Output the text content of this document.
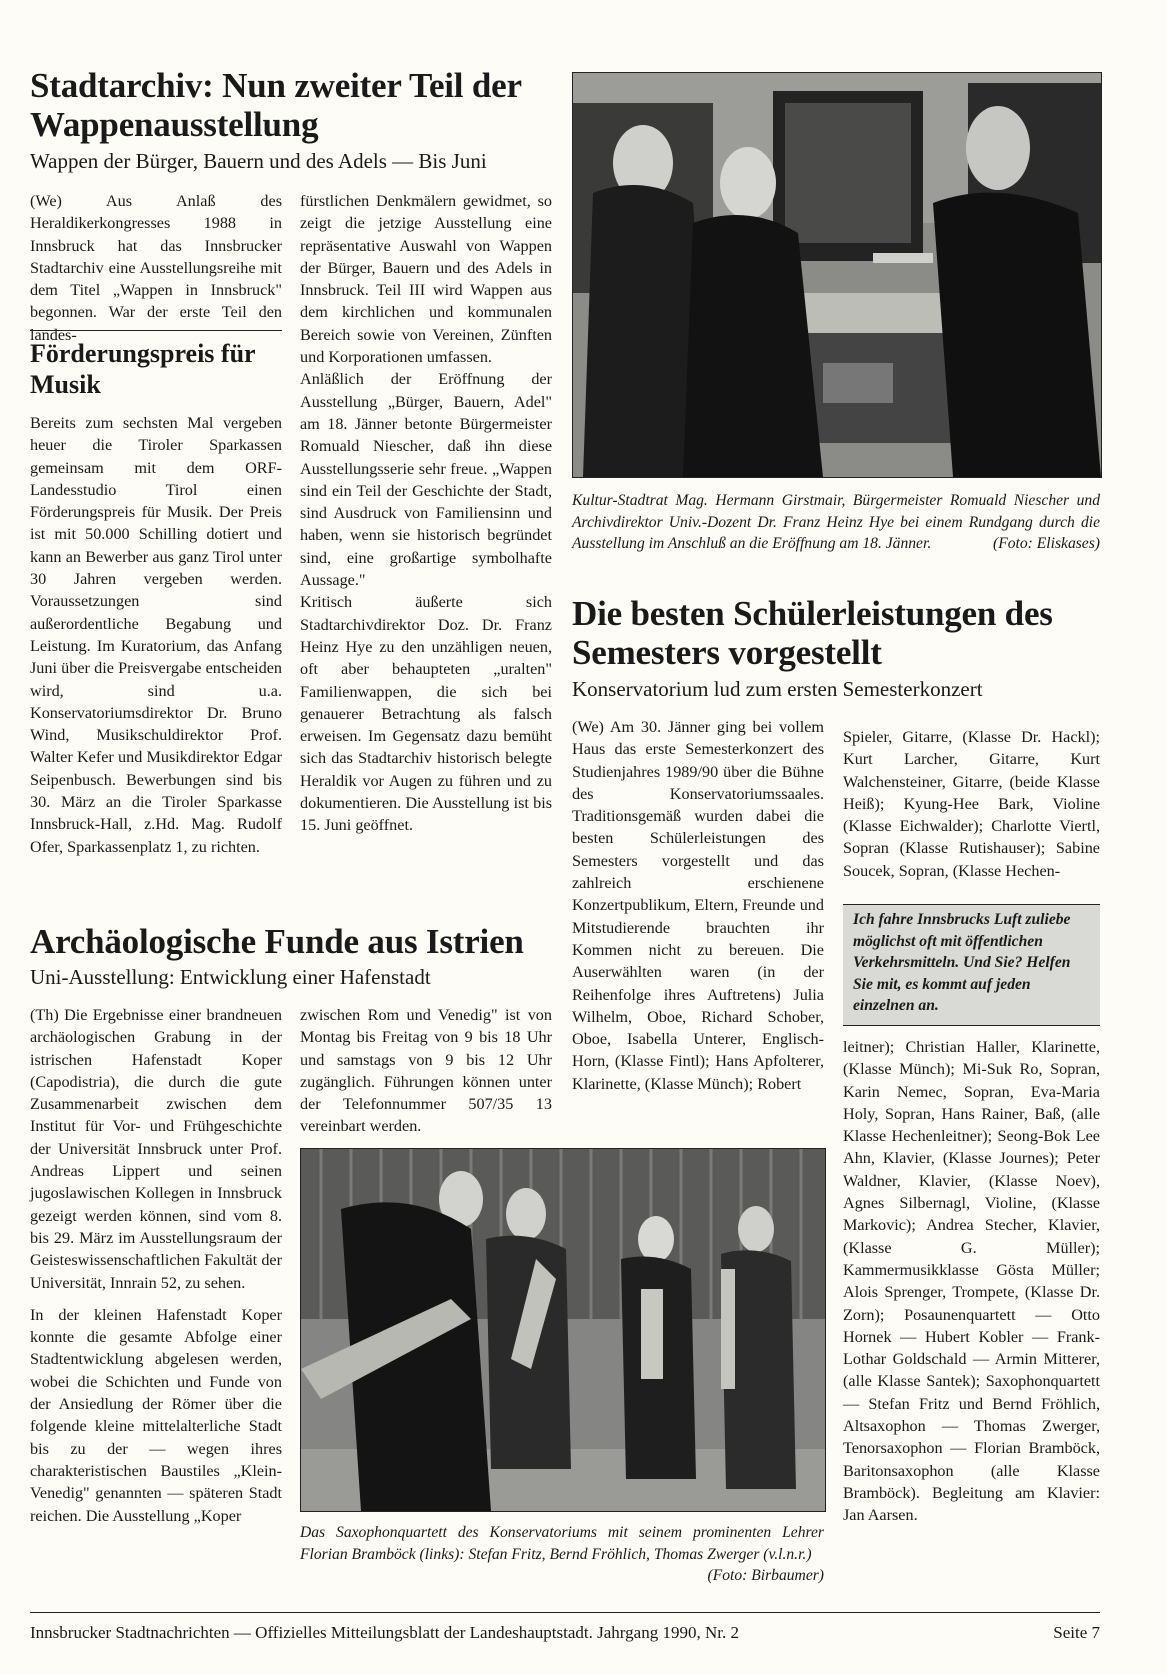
Stadtarchiv: Nun zweiter Teil der Wappenausstellung
Wappen der Bürger, Bauern und des Adels — Bis Juni

(We) Aus Anlaß des Heraldikerkongresses 1988 in Innsbruck hat das Innsbrucker Stadtarchiv eine Ausstellungsreihe mit dem Titel „Wappen in Innsbruck" begonnen. War der erste Teil den landes-

fürstlichen Denkmälern gewidmet, so zeigt die jetzige Ausstellung eine repräsentative Auswahl von Wappen der Bürger, Bauern und des Adels in Innsbruck. Teil III wird Wappen aus dem kirchlichen und kommunalen Bereich sowie von Vereinen, Zünften und Korporationen umfassen.

Anläßlich der Eröffnung der Ausstellung „Bürger, Bauern, Adel" am 18. Jänner betonte Bürgermeister Romuald Niescher, daß ihn diese Ausstellungsserie sehr freue. „Wappen sind ein Teil der Geschichte der Stadt, sind Ausdruck von Familiensinn und haben, wenn sie historisch begründet sind, eine großartige symbolhafte Aussage."

Kritisch äußerte sich Stadtarchivdirektor Doz. Dr. Franz Heinz Hye zu den unzähligen neuen, oft aber behaupteten „uralten" Familienwappen, die sich bei genauerer Betrachtung als falsch erweisen. Im Gegensatz dazu bemüht sich das Stadtarchiv historisch belegte Heraldik vor Augen zu führen und zu dokumentieren. Die Ausstellung ist bis 15. Juni geöffnet.

Förderungspreis für Musik

Bereits zum sechsten Mal vergeben heuer die Tiroler Sparkassen gemeinsam mit dem ORF-Landesstudio Tirol einen Förderungspreis für Musik. Der Preis ist mit 50.000 Schilling dotiert und kann an Bewerber aus ganz Tirol unter 30 Jahren vergeben werden. Voraussetzungen sind außerordentliche Begabung und Leistung. Im Kuratorium, das Anfang Juni über die Preisvergabe entscheiden wird, sind u.a. Konservatoriumsdirektor Dr. Bruno Wind, Musikschuldirektor Prof. Walter Kefer und Musikdirektor Edgar Seipenbusch. Bewerbungen sind bis 30. März an die Tiroler Sparkasse Innsbruck-Hall, z.Hd. Mag. Rudolf Ofer, Sparkassenplatz 1, zu richten.

Kultur-Stadtrat Mag. Hermann Girstmair, Bürgermeister Romuald Niescher und Archivdirektor Univ.-Dozent Dr. Franz Heinz Hye bei einem Rundgang durch die Ausstellung im Anschluß an die Eröffnung am 18. Jänner.	(Foto: Eliskases)

Die besten Schülerleistungen des Semesters vorgestellt
Konservatorium lud zum ersten Semesterkonzert

(We) Am 30. Jänner ging bei vollem Haus das erste Semesterkonzert des Studienjahres 1989/90 über die Bühne des Konservatoriumssaales. Traditionsgemäß wurden dabei die besten Schülerleistungen des Semesters vorgestellt und das zahlreich erschienene Konzertpublikum, Eltern, Freunde und Mitstudierende brauchten ihr Kommen nicht zu bereuen. Die Auserwählten waren (in der Reihenfolge ihres Auftretens) Julia Wilhelm, Oboe, Richard Schober, Oboe, Isabella Unterer, Englisch-Horn, (Klasse Fintl); Hans Apfolterer, Klarinette, (Klasse Münch); Robert

Spieler, Gitarre, (Klasse Dr. Hackl); Kurt Larcher, Gitarre, Kurt Walchensteiner, Gitarre, (beide Klasse Heiß); Kyung-Hee Bark, Violine (Klasse Eichwalder); Charlotte Viertl, Sopran (Klasse Rutishauser); Sabine Soucek, Sopran, (Klasse Hechen-

Ich fahre Innsbrucks Luft zuliebe möglichst oft mit öffentlichen Verkehrsmitteln. Und Sie? Helfen Sie mit, es kommt auf jeden einzelnen an.

leitner); Christian Haller, Klarinette, (Klasse Münch); Mi-Suk Ro, Sopran, Karin Nemec, Sopran, Eva-Maria Holy, Sopran, Hans Rainer, Baß, (alle Klasse Hechenleitner); Seong-Bok Lee Ahn, Klavier, (Klasse Journes); Peter Waldner, Klavier, (Klasse Noev), Agnes Silbernagl, Violine, (Klasse Markovic); Andrea Stecher, Klavier, (Klasse G. Müller); Kammermusikklasse Gösta Müller; Alois Sprenger, Trompete, (Klasse Dr. Zorn); Posaunenquartett — Otto Hornek — Hubert Kobler — Frank-Lothar Goldschald — Armin Mitterer, (alle Klasse Santek); Saxophonquartett — Stefan Fritz und Bernd Fröhlich, Altsaxophon — Thomas Zwerger, Tenorsaxophon — Florian Bramböck, Baritonsaxophon (alle Klasse Bramböck). Begleitung am Klavier: Jan Aarsen.

Archäologische Funde aus Istrien
Uni-Ausstellung: Entwicklung einer Hafenstadt

(Th) Die Ergebnisse einer brandneuen archäologischen Grabung in der istrischen Hafenstadt Koper (Capodistria), die durch die gute Zusammenarbeit zwischen dem Institut für Vor- und Frühgeschichte der Universität Innsbruck unter Prof. Andreas Lippert und seinen jugoslawischen Kollegen in Innsbruck gezeigt werden können, sind vom 8. bis 29. März im Ausstellungsraum der Geisteswissenschaftlichen Fakultät der Universität, Innrain 52, zu sehen.

In der kleinen Hafenstadt Koper konnte die gesamte Abfolge einer Stadtentwicklung abgelesen werden, wobei die Schichten und Funde von der Ansiedlung der Römer über die folgende kleine mittelalterliche Stadt bis zu der — wegen ihres charakteristischen Baustiles „Klein-Venedig" genannten — späteren Stadt reichen. Die Ausstellung „Koper

zwischen Rom und Venedig" ist von Montag bis Freitag von 9 bis 18 Uhr und samstags von 9 bis 12 Uhr zugänglich. Führungen können unter der Telefonnummer 507/35 13 vereinbart werden.

Das Saxophonquartett des Konservatoriums mit seinem prominenten Lehrer Florian Bramböck (links): Stefan Fritz, Bernd Fröhlich, Thomas Zwerger (v.l.n.r.)
(Foto: Birbaumer)

Innsbrucker Stadtnachrichten — Offizielles Mitteilungsblatt der Landeshauptstadt. Jahrgang 1990, Nr. 2	Seite 7
